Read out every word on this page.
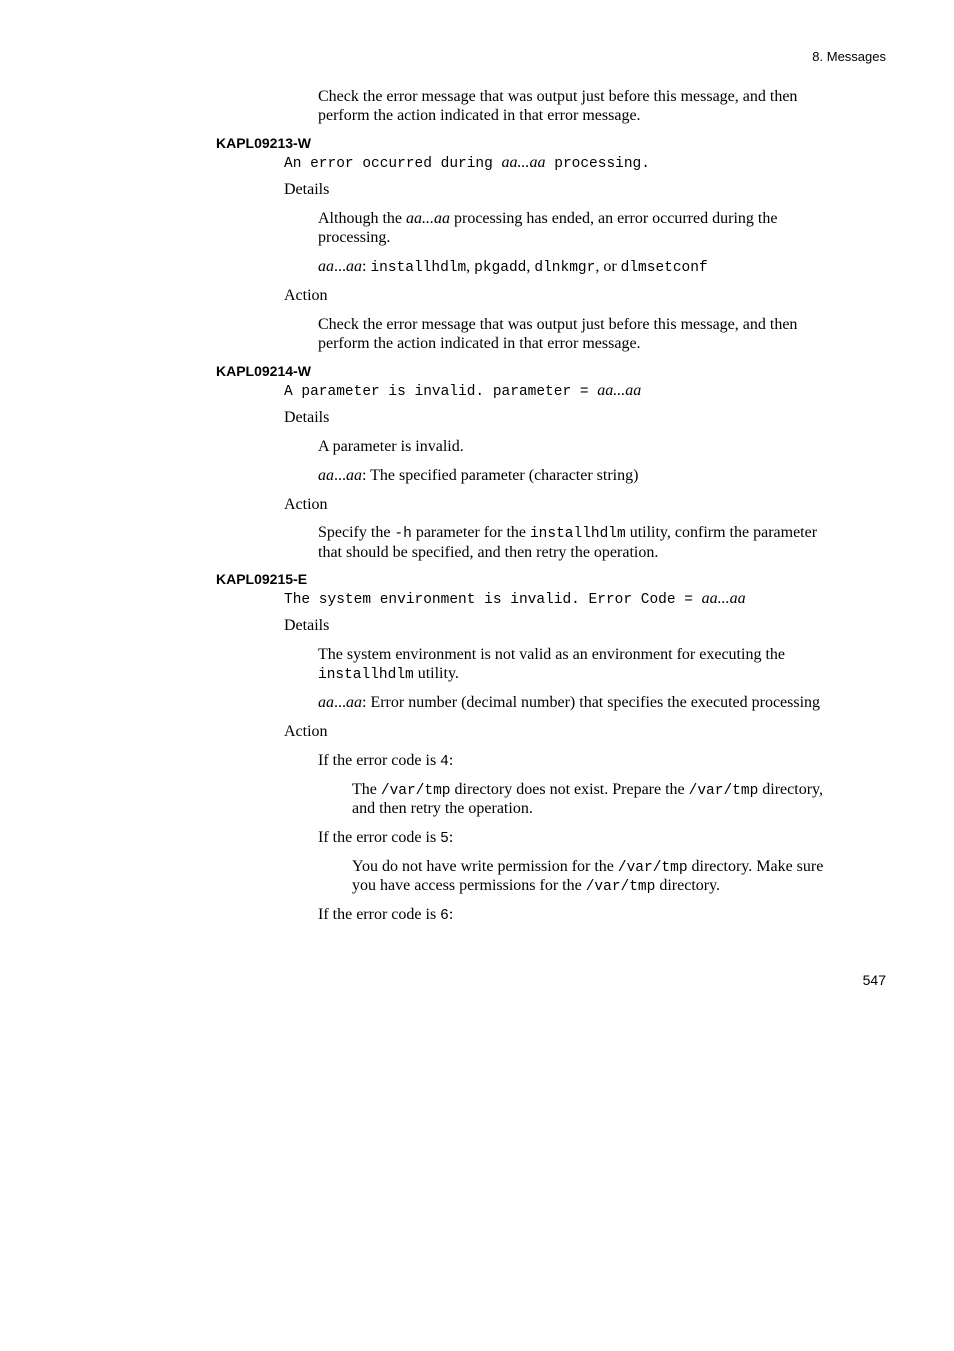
8. Messages

Check the error message that was output just before this message, and then

perform the action indicated in that error message.

KAPL09213-W

An error occurred during aa...aa processing.

Details

Although the aa...aa processing has ended, an error occurred during the

processing.

aa...aa: installhdlm, pkgadd, dlnkmgr, or dlmsetconf

Action

Check the error message that was output just before this message, and then

perform the action indicated in that error message.

KAPL09214-W

A parameter is invalid. parameter = aa...aa

Details

A parameter is invalid.

aa...aa: The specified parameter (character string)

Action

Specify the -h parameter for the installhdlm utility, confirm the parameter

that should be specified, and then retry the operation.

KAPL09215-E

The system environment is invalid. Error Code = aa...aa

Details

The system environment is not valid as an environment for executing the

installhdlm utility.

aa...aa: Error number (decimal number) that specifies the executed processing

Action

If the error code is 4:

The /var/tmp directory does not exist. Prepare the /var/tmp directory,

and then retry the operation.

If the error code is 5:

You do not have write permission for the /var/tmp directory. Make sure

you have access permissions for the /var/tmp directory.

If the error code is 6:

547
